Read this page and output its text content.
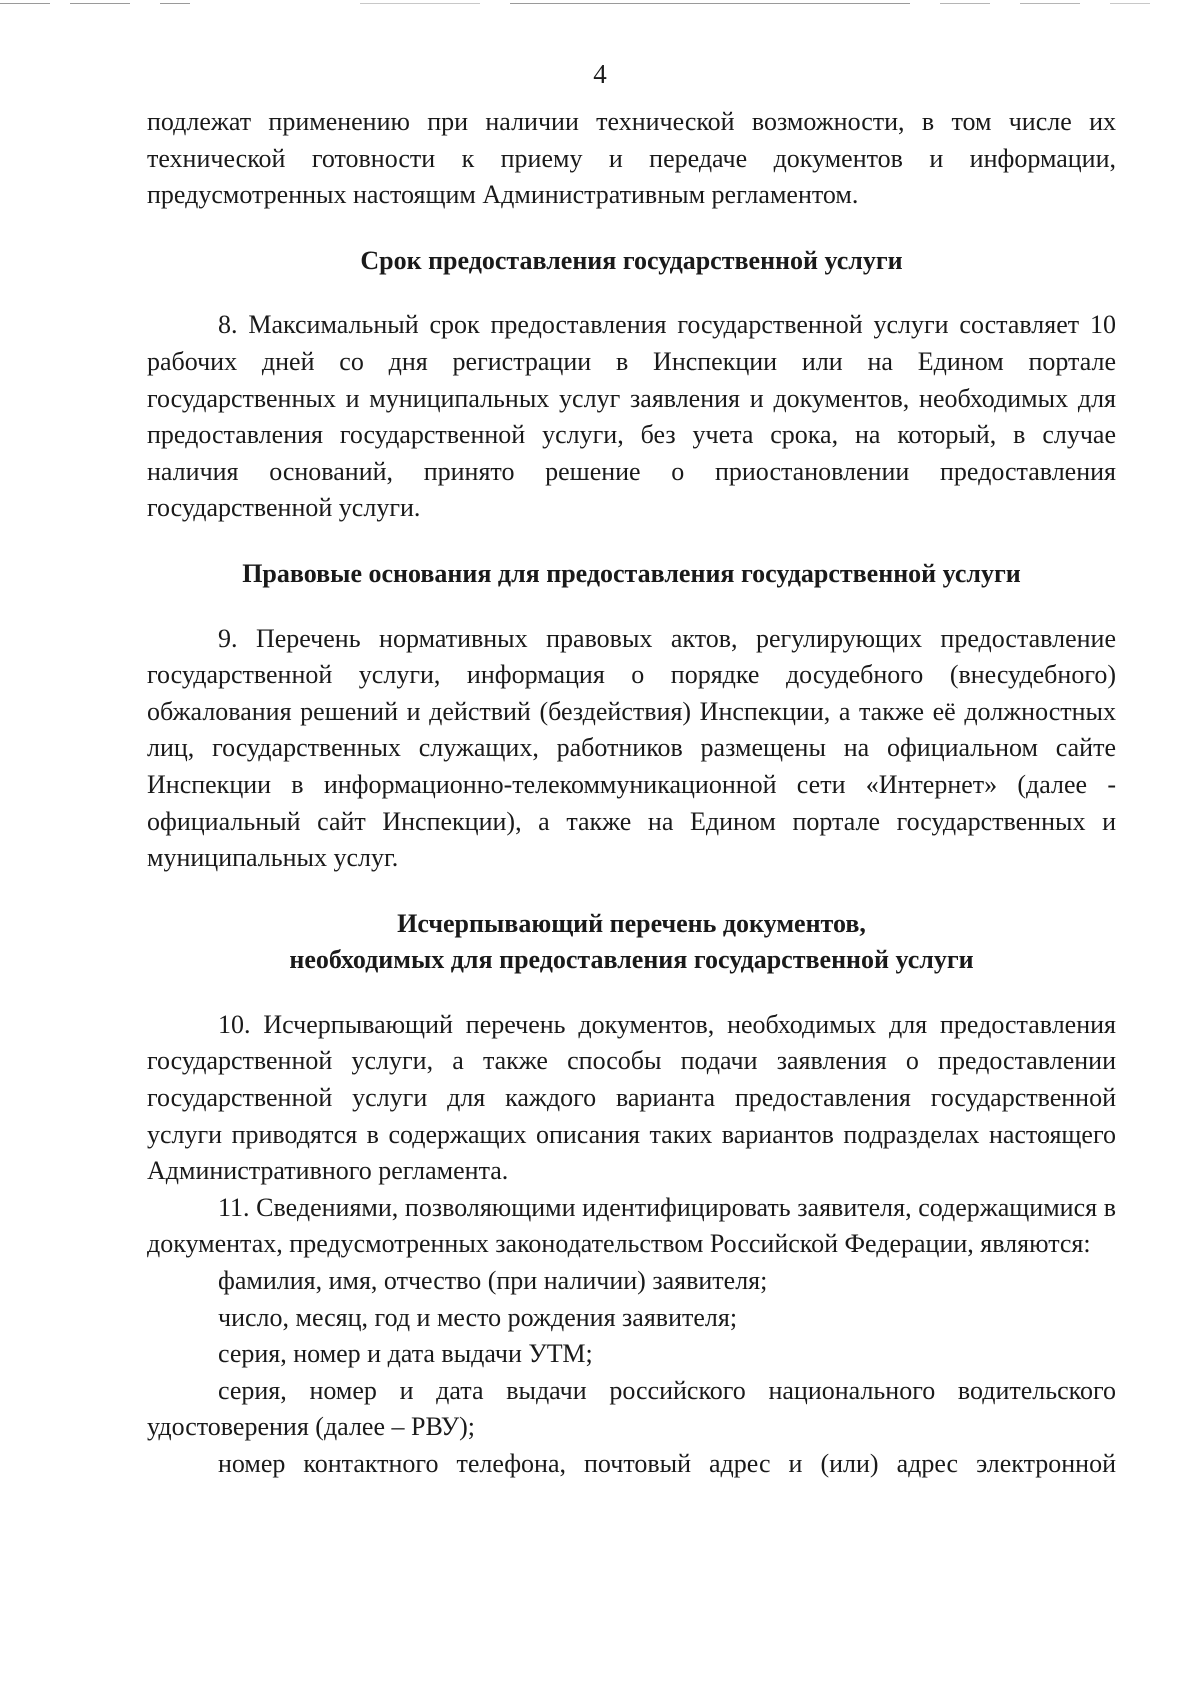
4

подлежат применению при наличии технической возможности, в том числе их технической готовности к приему и передаче документов и информации, предусмотренных настоящим Административным регламентом.

Срок предоставления государственной услуги

8. Максимальный срок предоставления государственной услуги составляет 10 рабочих дней со дня регистрации в Инспекции или на Едином портале государственных и муниципальных услуг заявления и документов, необходимых для предоставления государственной услуги, без учета срока, на который, в случае наличия оснований, принято решение о приостановлении предоставления государственной услуги.

Правовые основания для предоставления государственной услуги

9. Перечень нормативных правовых актов, регулирующих предоставление государственной услуги, информация о порядке досудебного (внесудебного) обжалования решений и действий (бездействия) Инспекции, а также её должностных лиц, государственных служащих, работников размещены на официальном сайте Инспекции в информационно-телекоммуникационной сети «Интернет» (далее - официальный сайт Инспекции), а также на Едином портале государственных и муниципальных услуг.

Исчерпывающий перечень документов,

необходимых для предоставления государственной услуги

10. Исчерпывающий перечень документов, необходимых для предоставления государственной услуги, а также способы подачи заявления о предоставлении государственной услуги для каждого варианта предоставления государственной услуги приводятся в содержащих описания таких вариантов подразделах настоящего Административного регламента.

11. Сведениями, позволяющими идентифицировать заявителя, содержащимися в документах, предусмотренных законодательством Российской Федерации, являются:

фамилия, имя, отчество (при наличии) заявителя;

число, месяц, год и место рождения заявителя;

серия, номер и дата выдачи УТМ;

серия, номер и дата выдачи российского национального водительского удостоверения (далее – РВУ);

номер контактного телефона, почтовый адрес и (или) адрес электронной
